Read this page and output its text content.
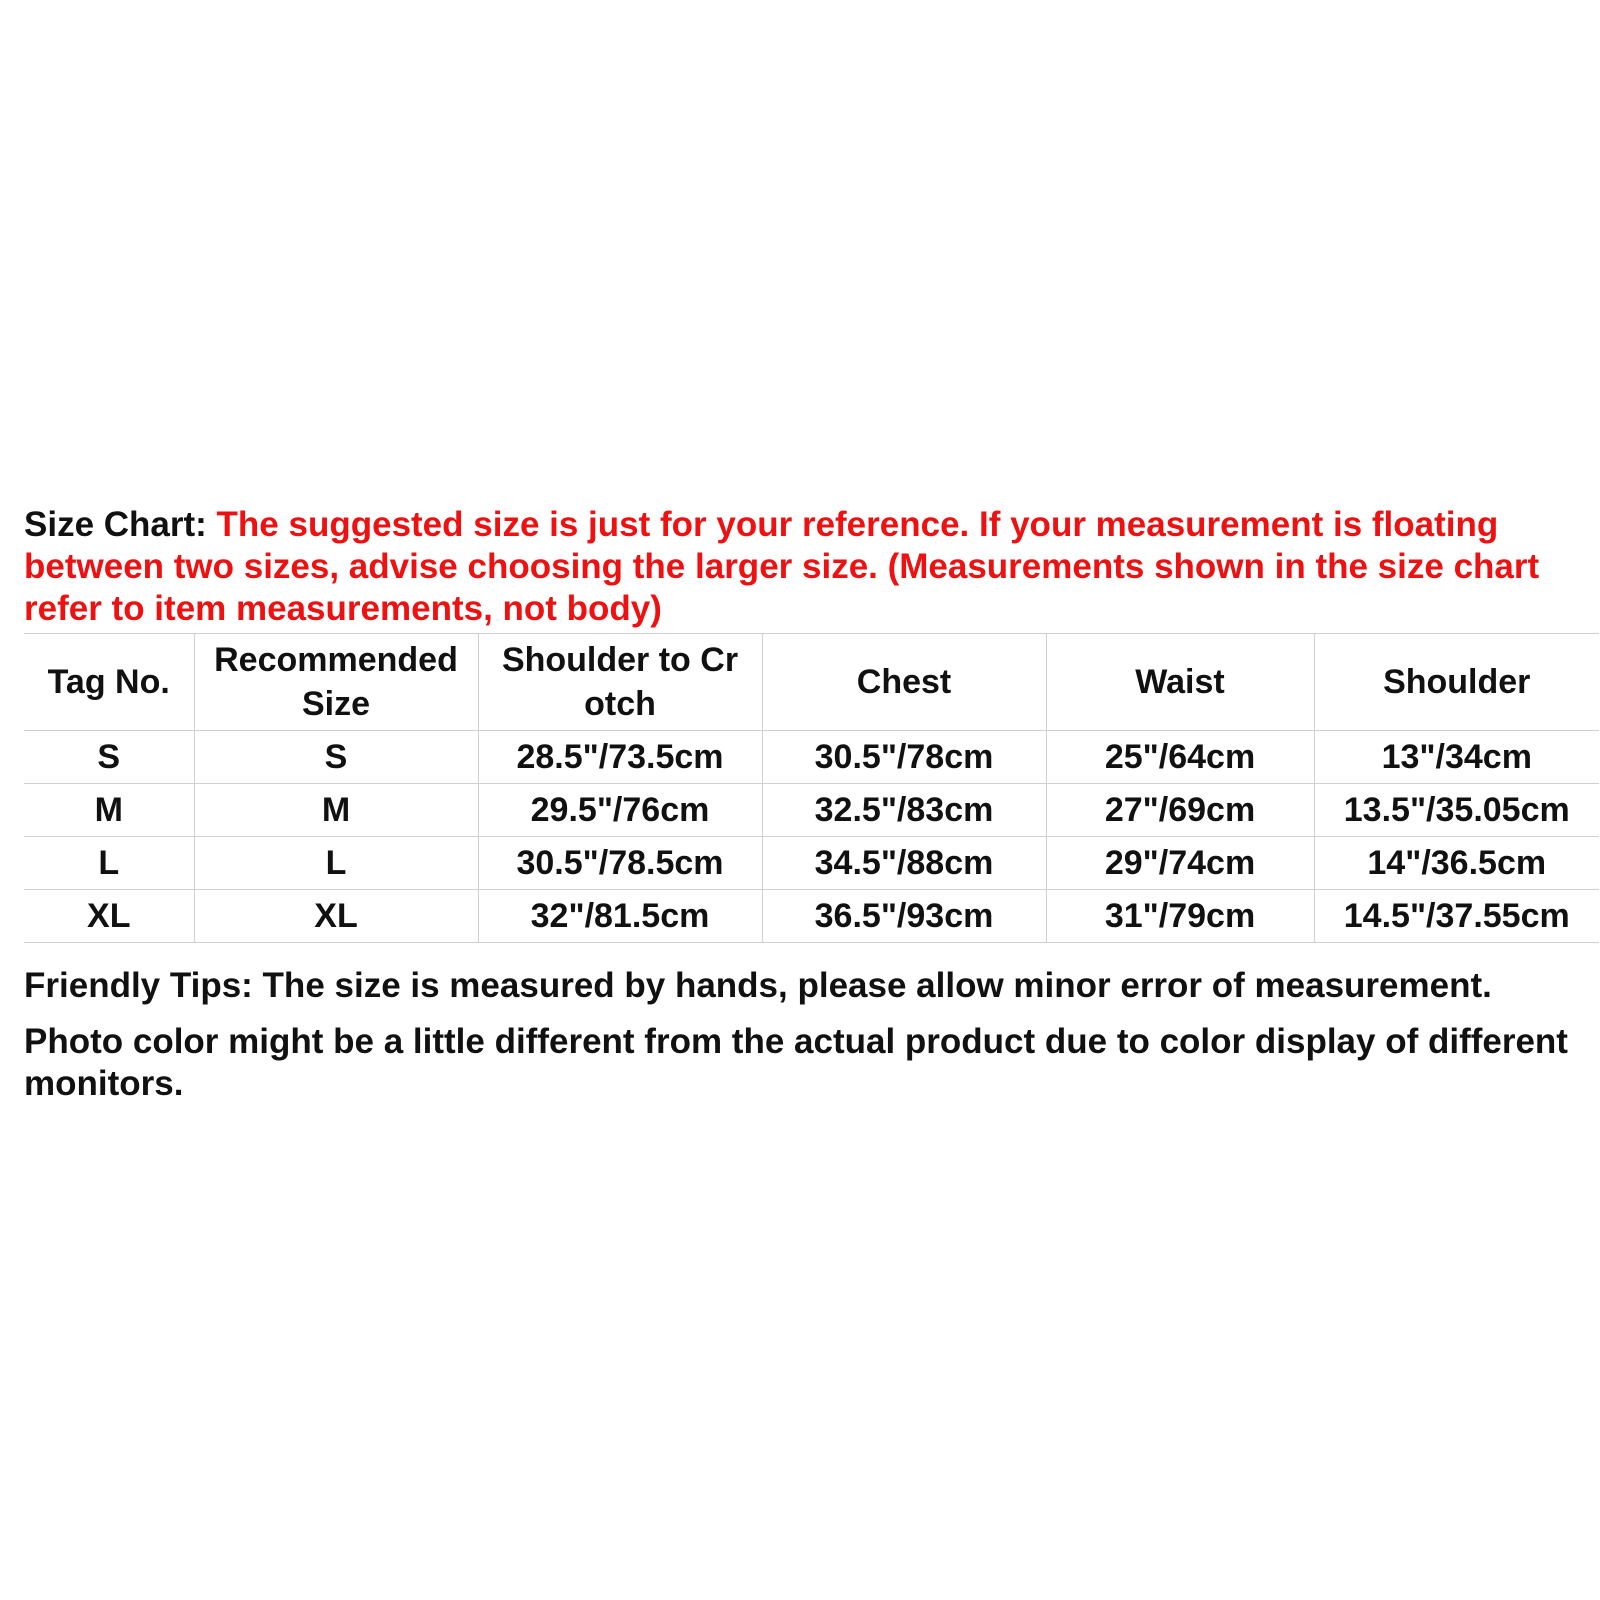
Size Chart: The suggested size is just for your reference. If your measurement is floating between two sizes, advise choosing the larger size. (Measurements shown in the size chart refer to item measurements, not body)
Tag No.	Recommended Size	Shoulder to Cr otch	Chest	Waist	Shoulder
S	S	28.5"/73.5cm	30.5"/78cm	25"/64cm	13"/34cm
M	M	29.5"/76cm	32.5"/83cm	27"/69cm	13.5"/35.05cm
L	L	30.5"/78.5cm	34.5"/88cm	29"/74cm	14"/36.5cm
XL	XL	32"/81.5cm	36.5"/93cm	31"/79cm	14.5"/37.55cm
Friendly Tips: The size is measured by hands, please allow minor error of measurement.
Photo color might be a little different from the actual product due to color display of different monitors.
